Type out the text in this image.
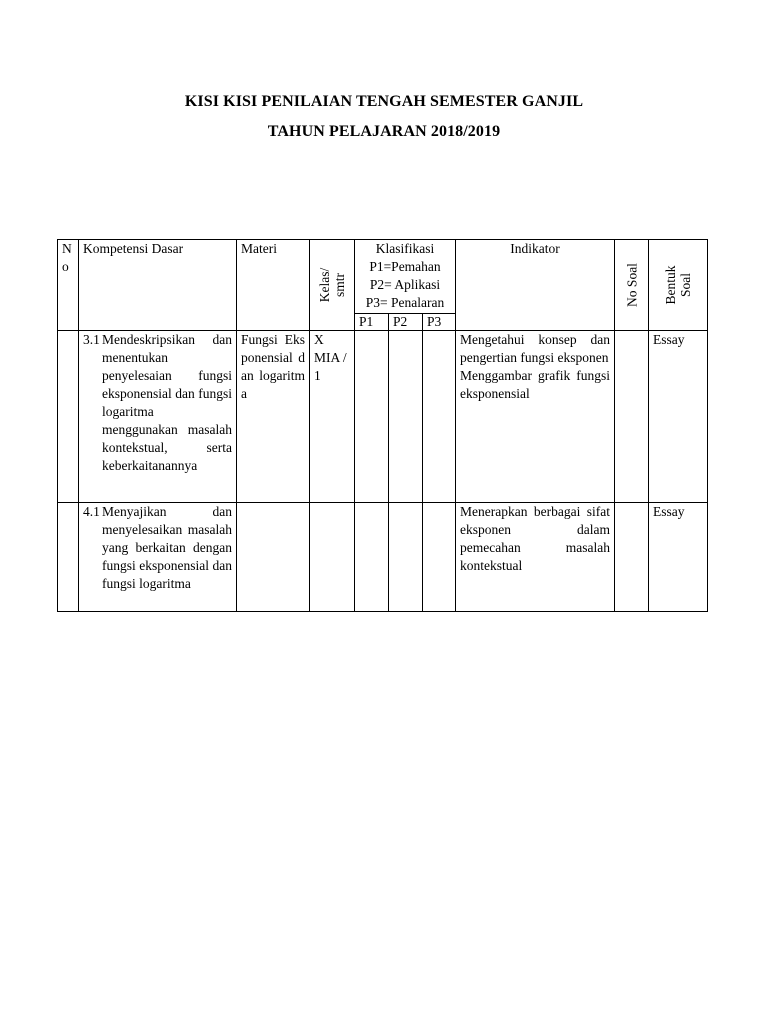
KISI KISI PENILAIAN TENGAH SEMESTER GANJIL
TAHUN PELAJARAN 2018/2019
N o	Kompetensi Dasar	Materi	Kelas/ smtr	Klasifikasi
P1=Pemahan
P2= Aplikasi
P3= Penalaran			Indikator	No Soal	Bentuk Soal

				P1	P2	P3			

	3.1 Mendeskripsikan dan menentukan penyelesaian fungsi eksponensial dan fungsi logaritma menggunakan masalah kontekstual, serta keberkaitanannya	Fungsi Eksponensial dan logaritma	X MIA / 1				Mengetahui konsep dan pengertian fungsi eksponen
Menggambar grafik fungsi eksponensial		Essay

	4.1 Menyajikan dan menyelesaikan masalah yang berkaitan dengan fungsi eksponensial dan fungsi logaritma						Menerapkan berbagai sifat eksponen dalam pemecahan masalah kontekstual		Essay
